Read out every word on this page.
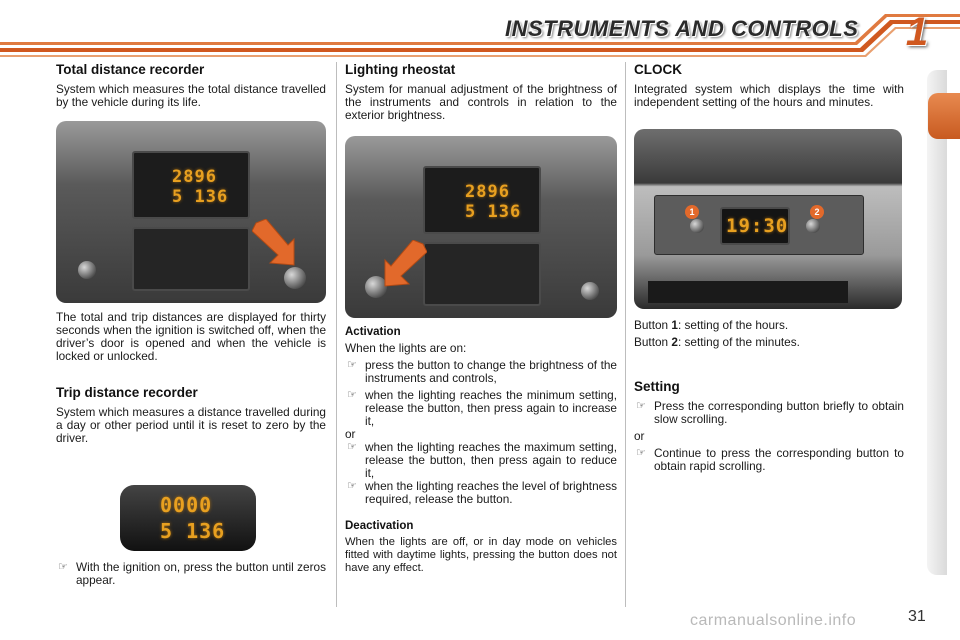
INSTRUMENTS AND CONTROLS	1
Total distance recorder

System which measures the total distance travelled by the vehicle during its life.

2896
5 136

The total and trip distances are displayed for thirty seconds when the ignition is switched off, when the driver’s door is opened and when the vehicle is locked or unlocked.

Trip distance recorder

System which measures a distance travelled during a day or other period until it is reset to zero by the driver.

0000
5 136
☞ With the ignition on, press the button until zeros appear.
Lighting rheostat

System for manual adjustment of the brightness of the instruments and controls in relation to the exterior brightness.

2896
5 136
Activation

When the lights are on:

☞ press the button to change the brightness of the instruments and controls,
☞ when the lighting reaches the minimum setting, release the button, then press again to increase it,

or

☞ when the lighting reaches the maximum setting, release the button, then press again to reduce it,
☞ when the lighting reaches the level of brightness required, release the button.
Deactivation

When the lights are off, or in day mode on vehicles fitted with daytime lights, pressing the button does not have any effect.

CLOCK

Integrated system which displays the time with independent setting of the hours and minutes.

19:30
1	2

Button 1: setting of the hours.

Button 2: setting of the minutes.

Setting
☞ Press the corresponding button briefly to obtain slow scrolling.

or

☞ Continue to press the corresponding button to obtain rapid scrolling.
carmanualsonline.info	31
